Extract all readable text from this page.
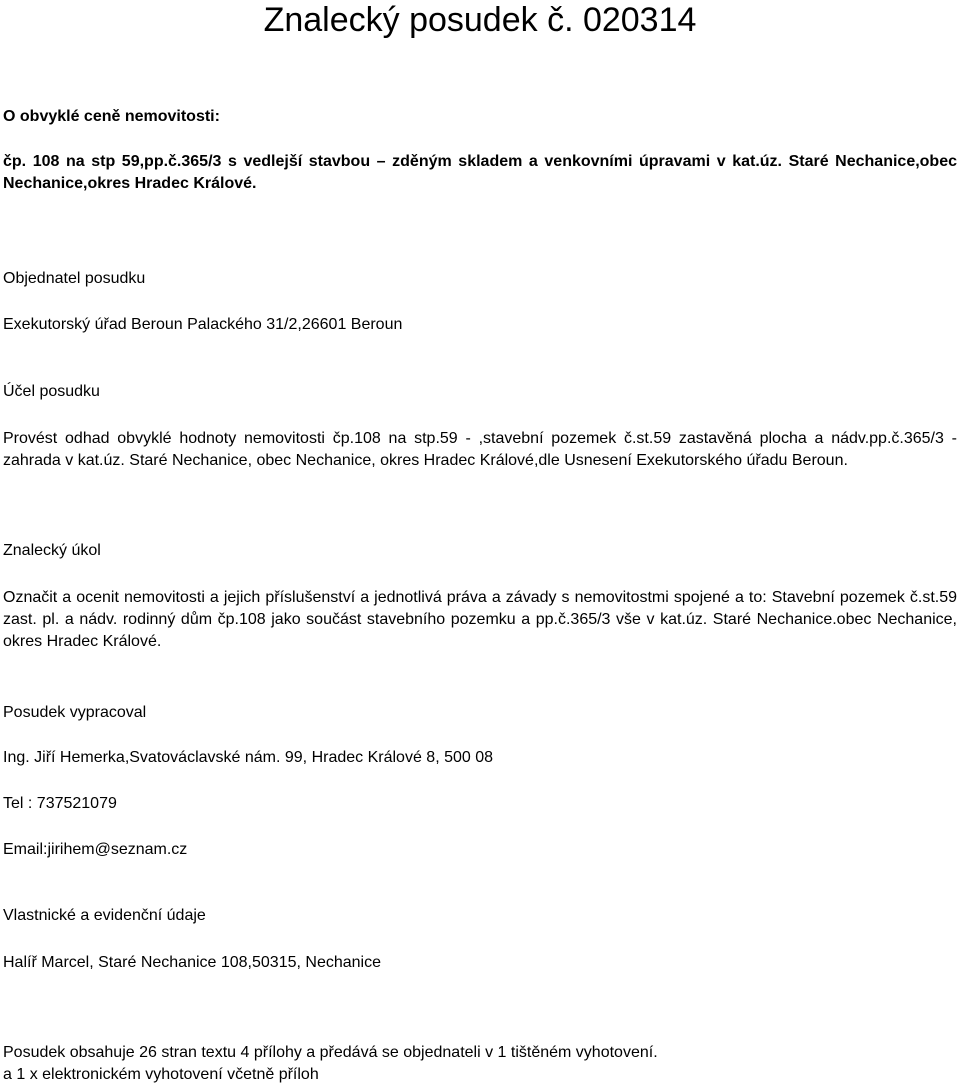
Znalecký posudek č. 020314

O obvyklé ceně nemovitosti:

čp. 108 na stp 59,pp.č.365/3 s vedlejší stavbou – zděným skladem a venkovními úpravami v kat.úz. Staré Nechanice,obec Nechanice,okres Hradec Králové.

Objednatel posudku

Exekutorský úřad Beroun Palackého 31/2,26601 Beroun

Účel posudku

Provést odhad obvyklé hodnoty nemovitosti čp.108 na stp.59 - ,stavební pozemek č.st.59 zastavěná plocha a nádv.pp.č.365/3 - zahrada v kat.úz. Staré Nechanice, obec Nechanice, okres Hradec Králové,dle Usnesení Exekutorského úřadu Beroun.

Znalecký úkol

Označit a ocenit nemovitosti a jejich příslušenství a jednotlivá práva a závady s nemovitostmi spojené a to: Stavební pozemek č.st.59 zast. pl. a nádv. rodinný dům čp.108 jako součást stavebního pozemku a pp.č.365/3 vše v kat.úz. Staré Nechanice.obec Nechanice, okres Hradec Králové.

Posudek vypracoval

Ing. Jiří Hemerka,Svatováclavské nám. 99, Hradec Králové 8, 500 08

Tel : 737521079

Email:jirihem@seznam.cz

Vlastnické a evidenční údaje

Halíř Marcel, Staré Nechanice 108,50315, Nechanice

Posudek obsahuje 26 stran textu 4 přílohy a předává se objednateli v 1 tištěném vyhotovení.

a 1 x elektronickém vyhotovení včetně příloh
